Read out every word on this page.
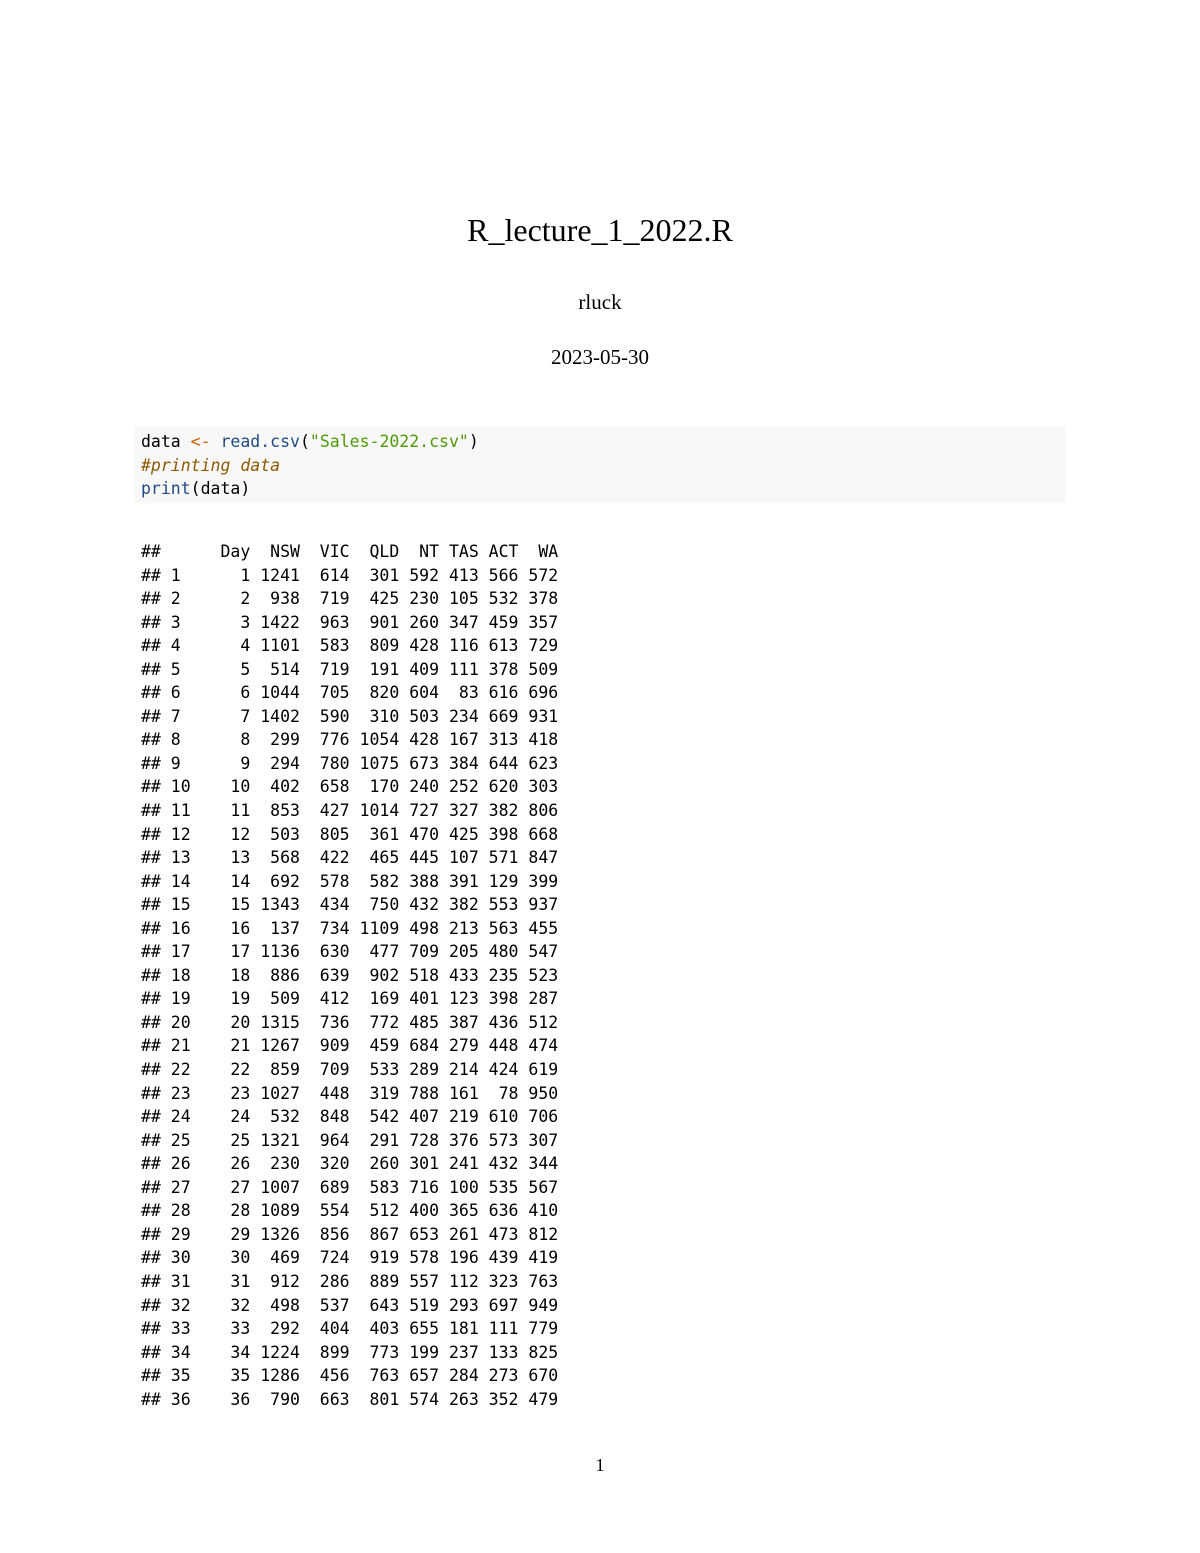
R_lecture_1_2022.R
rluck
2023-05-30
data <- read.csv("Sales-2022.csv")
#printing data
print(data)
##      Day  NSW  VIC  QLD  NT TAS ACT  WA
## 1      1 1241  614  301 592 413 566 572
## 2      2  938  719  425 230 105 532 378
## 3      3 1422  963  901 260 347 459 357
## 4      4 1101  583  809 428 116 613 729
## 5      5  514  719  191 409 111 378 509
## 6      6 1044  705  820 604  83 616 696
## 7      7 1402  590  310 503 234 669 931
## 8      8  299  776 1054 428 167 313 418
## 9      9  294  780 1075 673 384 644 623
## 10    10  402  658  170 240 252 620 303
## 11    11  853  427 1014 727 327 382 806
## 12    12  503  805  361 470 425 398 668
## 13    13  568  422  465 445 107 571 847
## 14    14  692  578  582 388 391 129 399
## 15    15 1343  434  750 432 382 553 937
## 16    16  137  734 1109 498 213 563 455
## 17    17 1136  630  477 709 205 480 547
## 18    18  886  639  902 518 433 235 523
## 19    19  509  412  169 401 123 398 287
## 20    20 1315  736  772 485 387 436 512
## 21    21 1267  909  459 684 279 448 474
## 22    22  859  709  533 289 214 424 619
## 23    23 1027  448  319 788 161  78 950
## 24    24  532  848  542 407 219 610 706
## 25    25 1321  964  291 728 376 573 307
## 26    26  230  320  260 301 241 432 344
## 27    27 1007  689  583 716 100 535 567
## 28    28 1089  554  512 400 365 636 410
## 29    29 1326  856  867 653 261 473 812
## 30    30  469  724  919 578 196 439 419
## 31    31  912  286  889 557 112 323 763
## 32    32  498  537  643 519 293 697 949
## 33    33  292  404  403 655 181 111 779
## 34    34 1224  899  773 199 237 133 825
## 35    35 1286  456  763 657 284 273 670
## 36    36  790  663  801 574 263 352 479
1
